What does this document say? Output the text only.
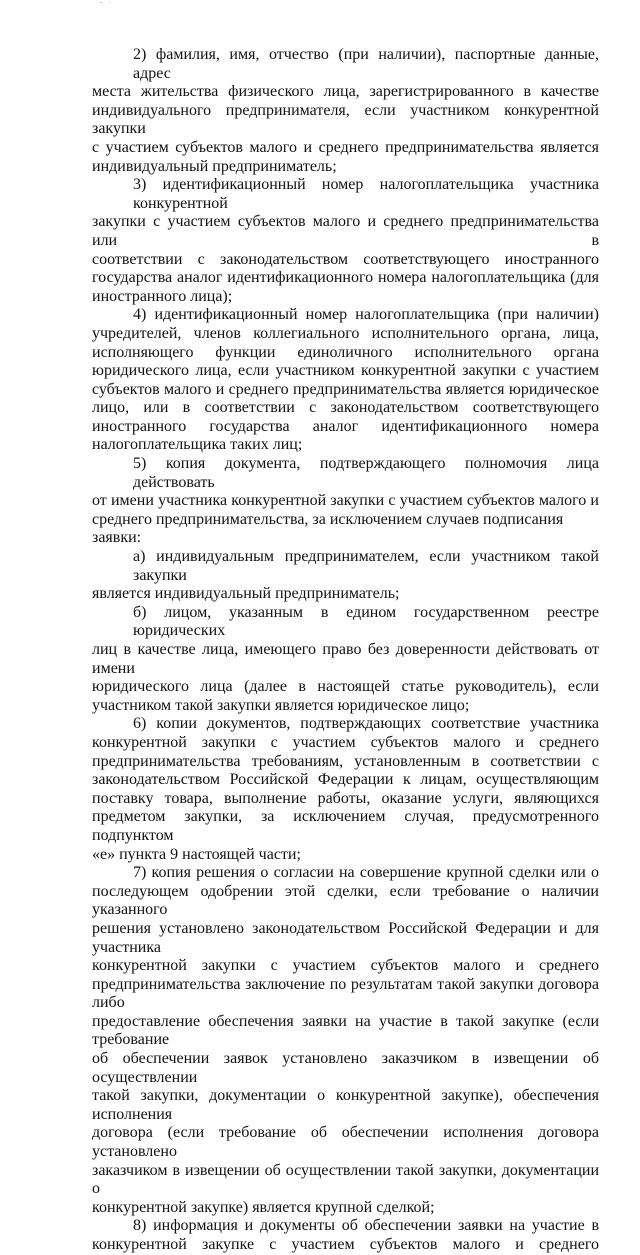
2) фамилия, имя, отчество (при наличии), паспортные данные, адрес
места жительства физического лица, зарегистрированного в качестве
индивидуального предпринимателя, если участником конкурентной закупки
с участием субъектов малого и среднего предпринимательства является
индивидуальный предприниматель;
3) идентификационный номер налогоплательщика участника конкурентной
закупки с участием субъектов малого и среднего предпринимательства или в
соответствии с законодательством соответствующего иностранного
государства аналог идентификационного номера налогоплательщика (для
иностранного лица);
4) идентификационный номер налогоплательщика (при наличии)
учредителей, членов коллегиального исполнительного органа, лица,
исполняющего функции единоличного исполнительного органа
юридического лица, если участником конкурентной закупки с участием
субъектов малого и среднего предпринимательства является юридическое
лицо, или в соответствии с законодательством соответствующего
иностранного государства аналог идентификационного номера
налогоплательщика таких лиц;
5) копия документа, подтверждающего полномочия лица действовать
от имени участника конкурентной закупки с участием субъектов малого и
среднего предпринимательства, за исключением случаев подписания заявки:
а) индивидуальным предпринимателем, если участником такой закупки
является индивидуальный предприниматель;
б) лицом, указанным в едином государственном реестре юридических
лиц в качестве лица, имеющего право без доверенности действовать от имени
юридического лица (далее в настоящей статье руководитель), если
участником такой закупки является юридическое лицо;
6) копии документов, подтверждающих соответствие участника
конкурентной закупки с участием субъектов малого и среднего
предпринимательства требованиям, установленным в соответствии с
законодательством Российской Федерации к лицам, осуществляющим
поставку товара, выполнение работы, оказание услуги, являющихся
предметом закупки, за исключением случая, предусмотренного подпунктом
«е» пункта 9 настоящей части;
7) копия решения о согласии на совершение крупной сделки или о
последующем одобрении этой сделки, если требование о наличии указанного
решения установлено законодательством Российской Федерации и для участника
конкурентной закупки с участием субъектов малого и среднего
предпринимательства заключение по результатам такой закупки договора либо
предоставление обеспечения заявки на участие в такой закупке (если требование
об обеспечении заявок установлено заказчиком в извещении об осуществлении
такой закупки, документации о конкурентной закупке), обеспечения исполнения
договора (если требование об обеспечении исполнения договора установлено
заказчиком в извещении об осуществлении такой закупки, документации о
конкурентной закупке) является крупной сделкой;
8) информация и документы об обеспечении заявки на участие в
конкурентной закупке с участием субъектов малого и среднего
